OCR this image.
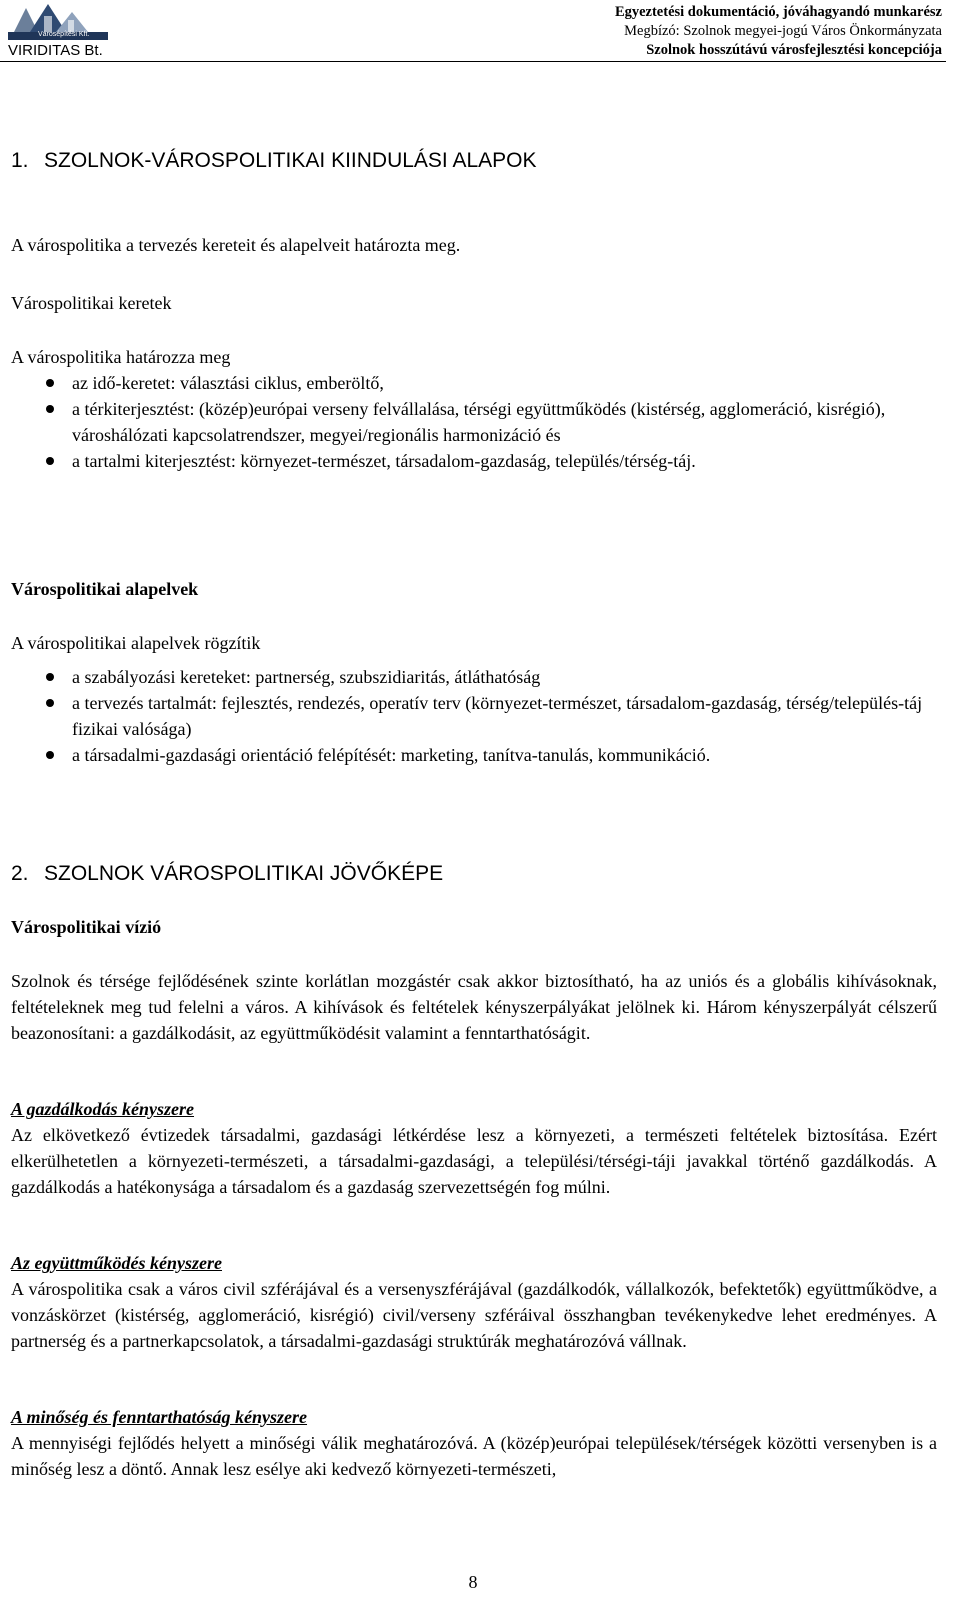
Városépítési Kft.
VIRIDITAS Bt.
Egyeztetési dokumentáció, jóváhagyandó munkarész
Megbízó: Szolnok megyei-jogú Város Önkormányzata
Szolnok hosszútávú városfejlesztési koncepciója
1. SZOLNOK-VÁROSPOLITIKAI KIINDULÁSI ALAPOK
A várospolitika a tervezés kereteit és alapelveit határozta meg.
Várospolitikai keretek
A várospolitika határozza meg
az idő-keretet: választási ciklus, emberöltő,
a térkiterjesztést: (közép)európai verseny felvállalása, térségi együttműködés (kistérség, agglomeráció, kisrégió), városhálózati kapcsolatrendszer, megyei/regionális harmonizáció és
a tartalmi kiterjesztést: környezet-természet, társadalom-gazdaság, település/térség-táj.
Várospolitikai alapelvek
A várospolitikai alapelvek rögzítik
a szabályozási kereteket: partnerség, szubszidiaritás, átláthatóság
a tervezés tartalmát: fejlesztés, rendezés, operatív terv (környezet-természet, társadalom-gazdaság, térség/település-táj fizikai valósága)
a társadalmi-gazdasági orientáció felépítését: marketing, tanítva-tanulás, kommunikáció.
2. SZOLNOK VÁROSPOLITIKAI JÖVŐKÉPE
Várospolitikai vízió
Szolnok és térsége fejlődésének szinte korlátlan mozgástér csak akkor biztosítható, ha az uniós és a globális kihívásoknak, feltételeknek meg tud felelni a város. A kihívások és feltételek kényszerpályákat jelölnek ki. Három kényszerpályát célszerű beazonosítani: a gazdálkodásit, az együttműködésit valamint a fenntarthatóságit.
A gazdálkodás kényszere
Az elkövetkező évtizedek társadalmi, gazdasági létkérdése lesz a környezeti, a természeti feltételek biztosítása. Ezért elkerülhetetlen a környezeti-természeti, a társadalmi-gazdasági, a települési/térségi-táji javakkal történő gazdálkodás. A gazdálkodás a hatékonysága a társadalom és a gazdaság szervezettségén fog múlni.
Az együttműködés kényszere
A várospolitika csak a város civil szférájával és a versenyszférájával (gazdálkodók, vállalkozók, befektetők) együttműködve, a vonzáskörzet (kistérség, agglomeráció, kisrégió) civil/verseny szféráival összhangban tevékenykedve lehet eredményes. A partnerség és a partnerkapcsolatok, a társadalmi-gazdasági struktúrák meghatározóvá vállnak.
A minőség és fenntarthatóság kényszere
A mennyiségi fejlődés helyett a minőségi válik meghatározóvá. A (közép)európai települések/térségek közötti versenyben is a minőség lesz a döntő. Annak lesz esélye aki kedvező környezeti-természeti,
8
